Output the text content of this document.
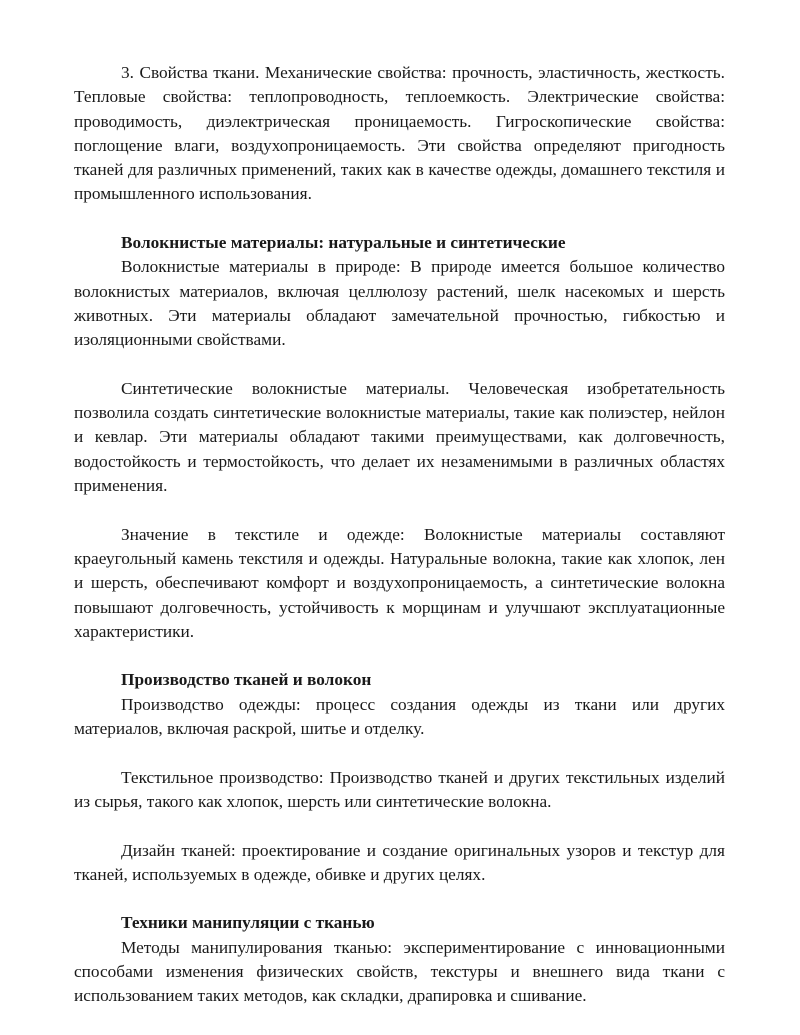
3. Свойства ткани. Механические свойства: прочность, эластичность, жесткость. Тепловые свойства: теплопроводность, теплоемкость. Электрические свойства: проводимость, диэлектрическая проницаемость. Гигроскопические свойства: поглощение влаги, воздухопроницаемость. Эти свойства определяют пригодность тканей для различных применений, таких как в качестве одежды, домашнего текстиля и промышленного использования.

Волокнистые материалы: натуральные и синтетические

Волокнистые материалы в природе: В природе имеется большое количество волокнистых материалов, включая целлюлозу растений, шелк насекомых и шерсть животных. Эти материалы обладают замечательной прочностью, гибкостью и изоляционными свойствами.

Синтетические волокнистые материалы. Человеческая изобретательность позволила создать синтетические волокнистые материалы, такие как полиэстер, нейлон и кевлар. Эти материалы обладают такими преимуществами, как долговечность, водостойкость и термостойкость, что делает их незаменимыми в различных областях применения.

Значение в текстиле и одежде: Волокнистые материалы составляют краеугольный камень текстиля и одежды. Натуральные волокна, такие как хлопок, лен и шерсть, обеспечивают комфорт и воздухопроницаемость, а синтетические волокна повышают долговечность, устойчивость к морщинам и улучшают эксплуатационные характеристики.

Производство тканей и волокон

Производство одежды: процесс создания одежды из ткани или других материалов, включая раскрой, шитье и отделку.

Текстильное производство: Производство тканей и других текстильных изделий из сырья, такого как хлопок, шерсть или синтетические волокна.

Дизайн тканей: проектирование и создание оригинальных узоров и текстур для тканей, используемых в одежде, обивке и других целях.

Техники манипуляции с тканью

Методы манипулирования тканью: экспериментирование с инновационными способами изменения физических свойств, текстуры и внешнего вида ткани с использованием таких методов, как складки, драпировка и сшивание.
